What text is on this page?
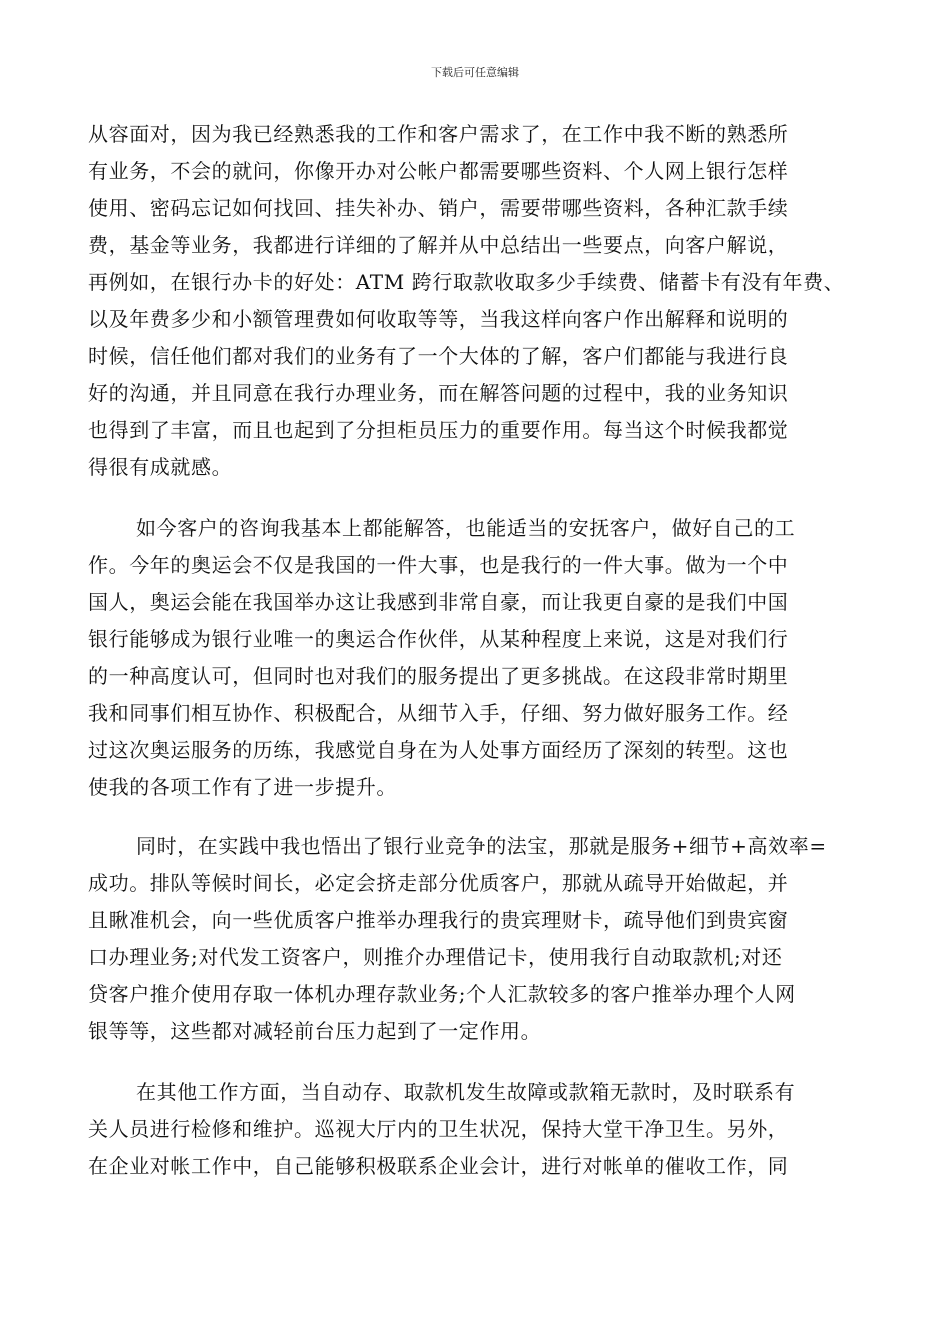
下载后可任意编辑
从容面对，因为我已经熟悉我的工作和客户需求了，在工作中我不断的熟悉所
有业务，不会的就问，你像开办对公帐户都需要哪些资料、个人网上银行怎样
使用、密码忘记如何找回、挂失补办、销户，需要带哪些资料，各种汇款手续
费，基金等业务，我都进行详细的了解并从中总结出一些要点，向客户解说，
再例如，在银行办卡的好处：ATM 跨行取款收取多少手续费、储蓄卡有没有年费、
以及年费多少和小额管理费如何收取等等，当我这样向客户作出解释和说明的
时候，信任他们都对我们的业务有了一个大体的了解，客户们都能与我进行良
好的沟通，并且同意在我行办理业务，而在解答问题的过程中，我的业务知识
也得到了丰富，而且也起到了分担柜员压力的重要作用。每当这个时候我都觉
得很有成就感。
如今客户的咨询我基本上都能解答，也能适当的安抚客户，做好自己的工
作。今年的奥运会不仅是我国的一件大事，也是我行的一件大事。做为一个中
国人，奥运会能在我国举办这让我感到非常自豪，而让我更自豪的是我们中国
银行能够成为银行业唯一的奥运合作伙伴，从某种程度上来说，这是对我们行
的一种高度认可，但同时也对我们的服务提出了更多挑战。在这段非常时期里
我和同事们相互协作、积极配合，从细节入手，仔细、努力做好服务工作。经
过这次奥运服务的历练，我感觉自身在为人处事方面经历了深刻的转型。这也
使我的各项工作有了进一步提升。
同时，在实践中我也悟出了银行业竞争的法宝，那就是服务+细节+高效率=
成功。排队等候时间长，必定会挤走部分优质客户，那就从疏导开始做起，并
且瞅准机会，向一些优质客户推举办理我行的贵宾理财卡，疏导他们到贵宾窗
口办理业务;对代发工资客户，则推介办理借记卡，使用我行自动取款机;对还
贷客户推介使用存取一体机办理存款业务;个人汇款较多的客户推举办理个人网
银等等，这些都对减轻前台压力起到了一定作用。
在其他工作方面，当自动存、取款机发生故障或款箱无款时，及时联系有
关人员进行检修和维护。巡视大厅内的卫生状况，保持大堂干净卫生。另外，
在企业对帐工作中，自己能够积极联系企业会计，进行对帐单的催收工作，同
